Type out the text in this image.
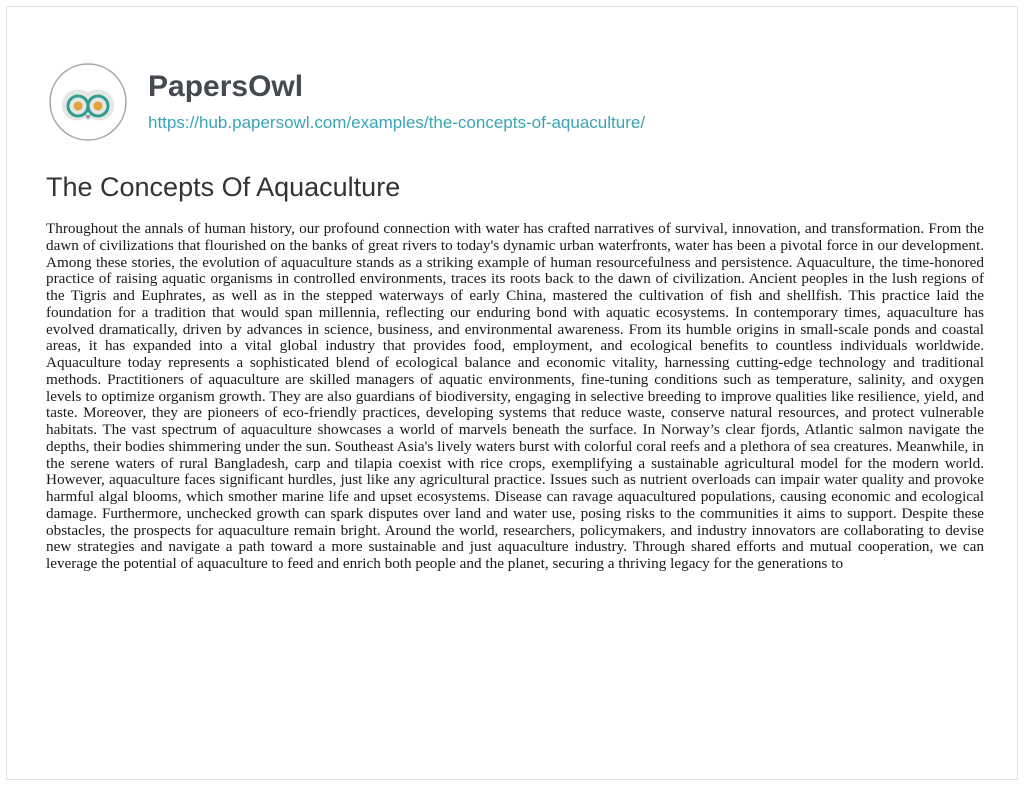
PapersOwl
https://hub.papersowl.com/examples/the-concepts-of-aquaculture/
The Concepts Of Aquaculture

Throughout the annals of human history, our profound connection with water has crafted narratives of survival, innovation, and transformation. From the dawn of civilizations that flourished on the banks of great rivers to today's dynamic urban waterfronts, water has been a pivotal force in our development. Among these stories, the evolution of aquaculture stands as a striking example of human resourcefulness and persistence. Aquaculture, the time-honored practice of raising aquatic organisms in controlled environments, traces its roots back to the dawn of civilization. Ancient peoples in the lush regions of the Tigris and Euphrates, as well as in the stepped waterways of early China, mastered the cultivation of fish and shellfish. This practice laid the foundation for a tradition that would span millennia, reflecting our enduring bond with aquatic ecosystems. In contemporary times, aquaculture has evolved dramatically, driven by advances in science, business, and environmental awareness. From its humble origins in small-scale ponds and coastal areas, it has expanded into a vital global industry that provides food, employment, and ecological benefits to countless individuals worldwide. Aquaculture today represents a sophisticated blend of ecological balance and economic vitality, harnessing cutting-edge technology and traditional methods. Practitioners of aquaculture are skilled managers of aquatic environments, fine-tuning conditions such as temperature, salinity, and oxygen levels to optimize organism growth. They are also guardians of biodiversity, engaging in selective breeding to improve qualities like resilience, yield, and taste. Moreover, they are pioneers of eco-friendly practices, developing systems that reduce waste, conserve natural resources, and protect vulnerable habitats. The vast spectrum of aquaculture showcases a world of marvels beneath the surface. In Norway’s clear fjords, Atlantic salmon navigate the depths, their bodies shimmering under the sun. Southeast Asia's lively waters burst with colorful coral reefs and a plethora of sea creatures. Meanwhile, in the serene waters of rural Bangladesh, carp and tilapia coexist with rice crops, exemplifying a sustainable agricultural model for the modern world. However, aquaculture faces significant hurdles, just like any agricultural practice. Issues such as nutrient overloads can impair water quality and provoke harmful algal blooms, which smother marine life and upset ecosystems. Disease can ravage aquacultured populations, causing economic and ecological damage. Furthermore, unchecked growth can spark disputes over land and water use, posing risks to the communities it aims to support. Despite these obstacles, the prospects for aquaculture remain bright. Around the world, researchers, policymakers, and industry innovators are collaborating to devise new strategies and navigate a path toward a more sustainable and just aquaculture industry. Through shared efforts and mutual cooperation, we can leverage the potential of aquaculture to feed and enrich both people and the planet, securing a thriving legacy for the generations to
